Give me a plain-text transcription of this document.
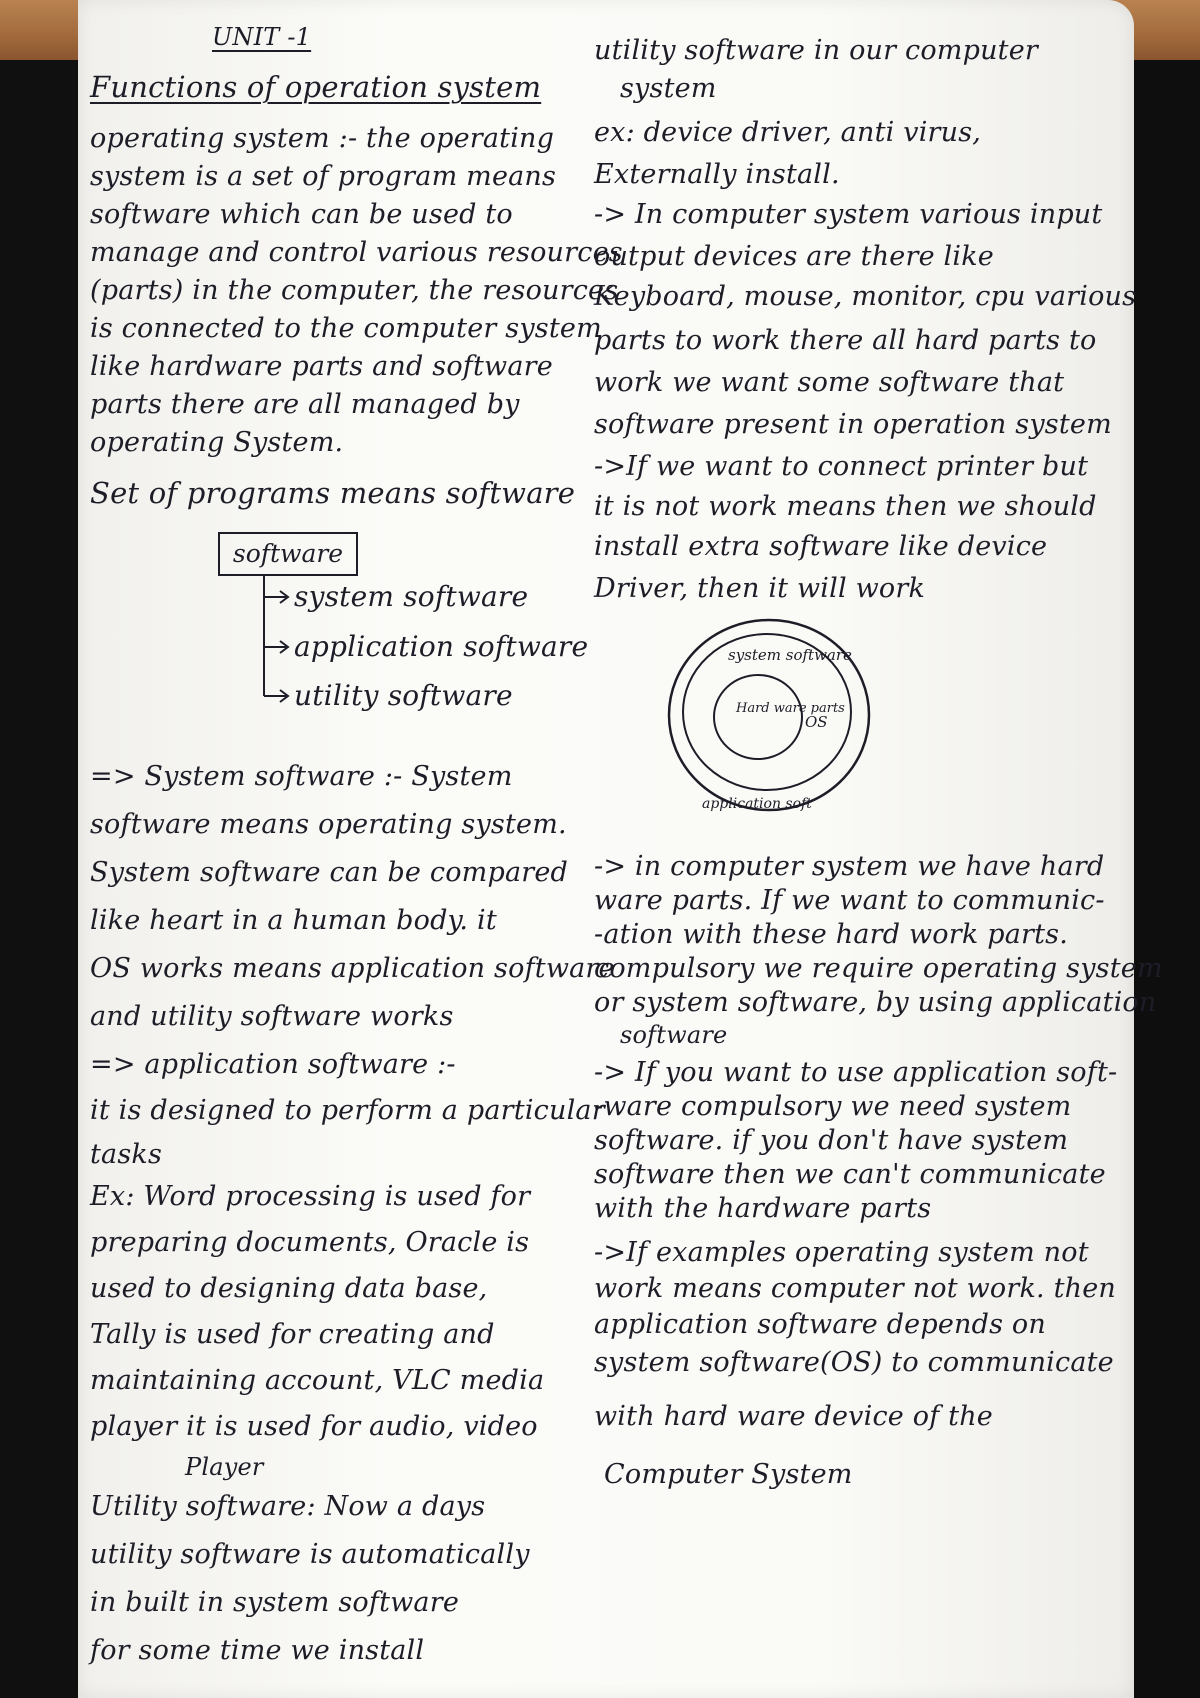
UNIT -1
Functions of operation system
operating system :- the operating
system is a set of program means
software which can be used to
manage and control various resources
(parts) in the computer, the resources
is connected to the computer system
like hardware parts and software
parts there are all managed by
operating System.
Set of programs means software
software
system software
application software
utility software
=> System software :- System
software means operating system.
System software can be compared
like heart in a human body. it
OS works means application software
and utility software works
=> application software :-
it is designed to perform a particular
tasks
Ex: Word processing is used for
preparing documents, Oracle is
used to designing data base,
Tally is used for creating and
maintaining account, VLC media
player it is used for audio, video
Player
Utility software: Now a days
utility software is automatically
in built in system software
for some time we install
utility software in our computer
system
ex: device driver, anti virus,
Externally install.
-> In computer system various input
output devices are there like
Keyboard, mouse, monitor, cpu various
parts to work there all hard parts to
work we want some software that
software present in operation system
->If we want to connect printer but
it is not work means then we should
install extra software like device
Driver, then it will work
system software
Hard ware parts
OS
application soft
-> in computer system we have hard
ware parts. If we want to communic-
-ation with these hard work parts.
compulsory we require operating system
or system software, by using application
software
-> If you want to use application soft-
-ware compulsory we need system
software. if you don't have system
software then we can't communicate
with the hardware parts
->If examples operating system not
work means computer not work. then
application software depends on
system software(OS) to communicate
with hard ware device of the
Computer System
